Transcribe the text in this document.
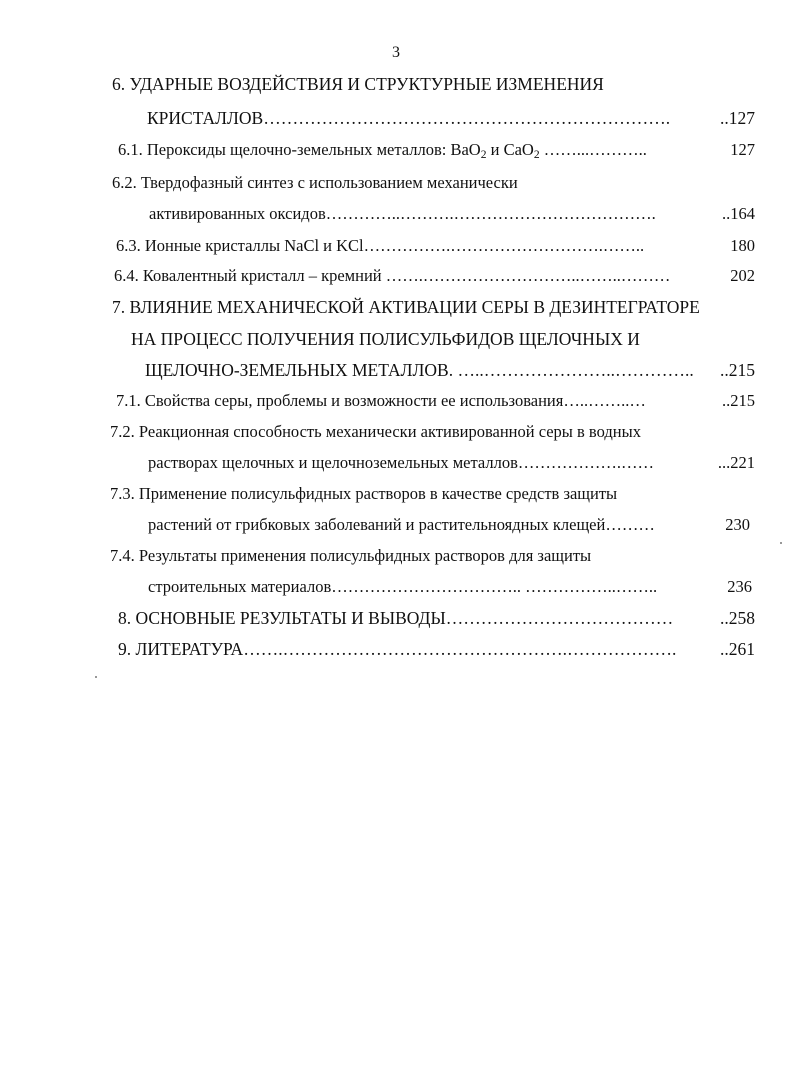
3
6. УДАРНЫЕ ВОЗДЕЙСТВИЯ И СТРУКТУРНЫЕ ИЗМЕНЕНИЯ
КРИСТАЛЛОВ…………………………………………………………….	..127
6.1. Пероксиды щелочно-земельных металлов: BaO$_2$ и CaO$_2$ ……...………..	127
6.2. Твердофазный синтез с использованием механически
активированных оксидов…………..……….……………………………….	..164
6.3. Ионные кристаллы NaCl и KCl…………….……………………….……..	180
6.4. Ковалентный кристалл – кремний …….………………………..……..………	202
7. ВЛИЯНИЕ МЕХАНИЧЕСКОЙ АКТИВАЦИИ СЕРЫ В ДЕЗИНТЕГРАТОРЕ
НА ПРОЦЕСС ПОЛУЧЕНИЯ ПОЛИСУЛЬФИДОВ ЩЕЛОЧНЫХ И
ЩЕЛОЧНО-ЗЕМЕЛЬНЫХ МЕТАЛЛОВ. …..…………………..…………..	..215
7.1. Свойства серы, проблемы и возможности ее использования…..……..…	..215
7.2. Реакционная способность механически активированной серы в водных
растворах щелочных и щелочноземельных металлов……………….……	...221
7.3. Применение полисульфидных растворов в качестве средств защиты
растений от грибковых заболеваний и растительноядных клещей………	230
7.4. Результаты применения полисульфидных растворов для защиты
строительных материалов…………………………….. ……………..……..	236
8. ОСНОВНЫЕ РЕЗУЛЬТАТЫ И ВЫВОДЫ…………………………………	..258
9. ЛИТЕРАТУРА…….………………………………………….……………….	..261
